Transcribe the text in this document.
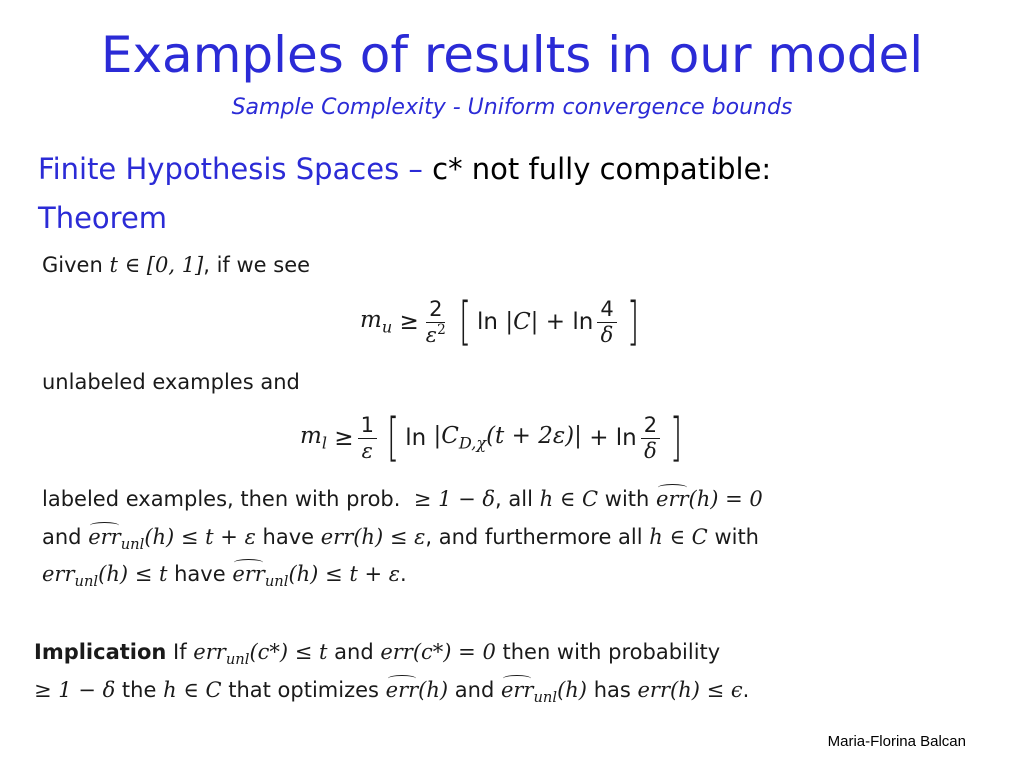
Examples of results in our model
Sample Complexity - Uniform convergence bounds
Finite Hypothesis Spaces – c* not fully compatible:
Theorem
Given t ∈ [0, 1], if we see
$m_u \ge \frac{2}{\varepsilon^2}$ [ $\ln |C| + \ln \frac{4}{\delta}$ ]
unlabeled examples and
$m_l \ge \frac{1}{\varepsilon}$ [ $\ln |C_{D,\chi}(t + 2\varepsilon)| + \ln \frac{2}{\delta}$ ]
labeled examples, then with prob. ≥ 1 − δ, all h ∈ C with err(h) = 0
and err$_{unl}$(h) ≤ t + ε have err(h) ≤ ε, and furthermore all h ∈ C with
err$_{unl}$(h) ≤ t have err$_{unl}$(h) ≤ t + ε.
Implication If err$_{unl}$(c*) ≤ t and err(c*) = 0 then with probability
≥ 1 − δ the h ∈ C that optimizes err(h) and err$_{unl}$(h) has err(h) ≤ ϵ.
Maria-Florina Balcan
